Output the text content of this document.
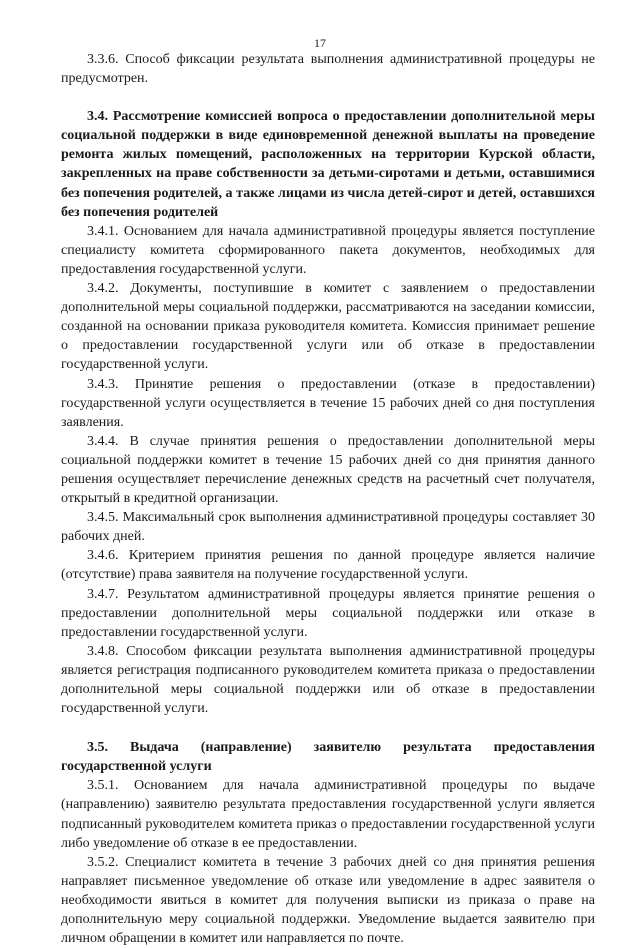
17

3.3.6. Способ фиксации результата выполнения административной процедуры не предусмотрен.

3.4. Рассмотрение комиссией вопроса о предоставлении дополнительной меры социальной поддержки в виде единовременной денежной выплаты на проведение ремонта жилых помещений, расположенных на территории Курской области, закрепленных на праве собственности за детьми-сиротами и детьми, оставшимися без попечения родителей, а также лицами из числа детей-сирот и детей, оставшихся без попечения родителей

3.4.1. Основанием для начала административной процедуры является поступление специалисту комитета сформированного пакета документов, необходимых для предоставления государственной услуги.

3.4.2. Документы, поступившие в комитет с заявлением о предоставлении дополнительной меры социальной поддержки, рассматриваются на заседании комиссии, созданной на основании приказа руководителя комитета. Комиссия принимает решение о предоставлении государственной услуги или об отказе в предоставлении государственной услуги.

3.4.3. Принятие решения о предоставлении (отказе в предоставлении) государственной услуги осуществляется в течение 15 рабочих дней со дня поступления заявления.

3.4.4. В случае принятия решения о предоставлении дополнительной меры социальной поддержки комитет в течение 15 рабочих дней со дня принятия данного решения осуществляет перечисление денежных средств на расчетный счет получателя, открытый в кредитной организации.

3.4.5. Максимальный срок выполнения административной процедуры составляет 30 рабочих дней.

3.4.6. Критерием принятия решения по данной процедуре является наличие (отсутствие) права заявителя на получение государственной услуги.

3.4.7. Результатом административной процедуры является принятие решения о предоставлении дополнительной меры социальной поддержки или отказе в предоставлении государственной услуги.

3.4.8. Способом фиксации результата выполнения административной процедуры является регистрация подписанного руководителем комитета приказа о предоставлении дополнительной меры социальной поддержки или об отказе в предоставлении государственной услуги.

3.5. Выдача (направление) заявителю результата предоставления государственной услуги

3.5.1. Основанием для начала административной процедуры по выдаче (направлению) заявителю результата предоставления государственной услуги является подписанный руководителем комитета приказ о предоставлении государственной услуги либо уведомление об отказе в ее предоставлении.

3.5.2. Специалист комитета в течение 3 рабочих дней со дня принятия решения направляет письменное уведомление об отказе или уведомление в адрес заявителя о необходимости явиться в комитет для получения выписки из приказа о праве на дополнительную меру социальной поддержки. Уведомление выдается заявителю при личном обращении в комитет или направляется по почте.
